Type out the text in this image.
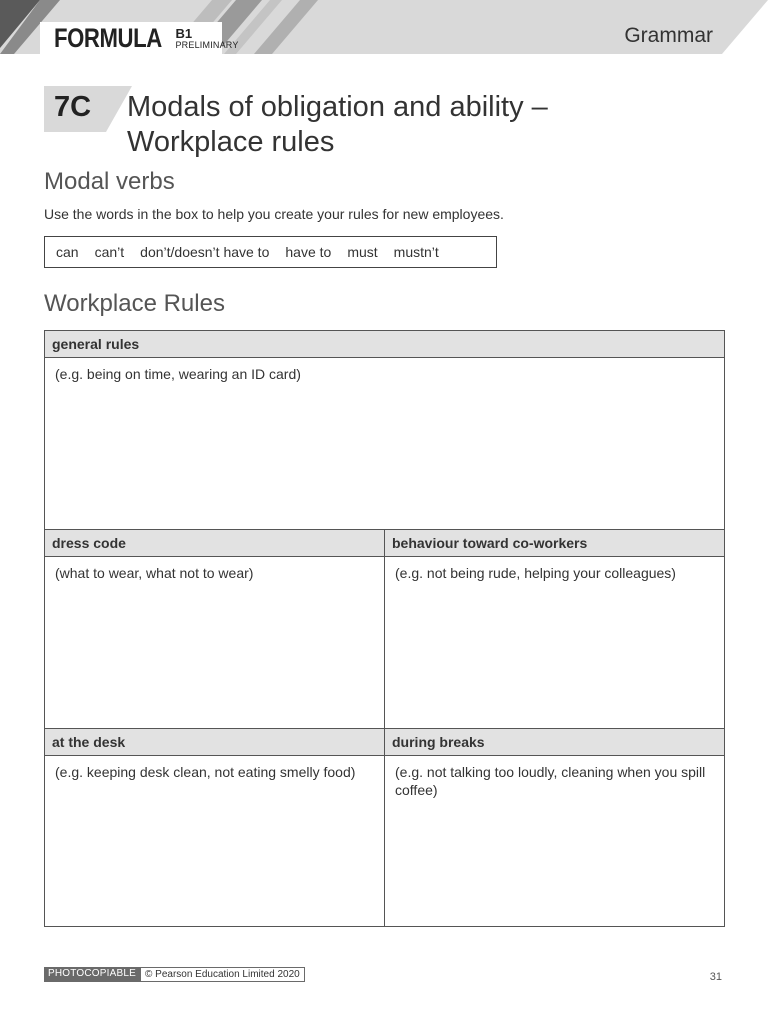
FORMULA B1
PRELIMINARY	Grammar
7C Modals of obligation and ability –
Workplace rules
Modal verbs
Use the words in the box to help you create your rules for new employees.
can can’t don’t/doesn’t have to have to must mustn’t
Workplace Rules
general rules
(e.g. being on time, wearing an ID card)
dress code	behaviour toward co-workers
(what to wear, what not to wear)	(e.g. not being rude, helping your colleagues)
at the desk	during breaks
(e.g. keeping desk clean, not eating smelly food)	(e.g. not talking too loudly, cleaning when you spill coffee)
PHOTOCOPIABLE © Pearson Education Limited 2020	31
